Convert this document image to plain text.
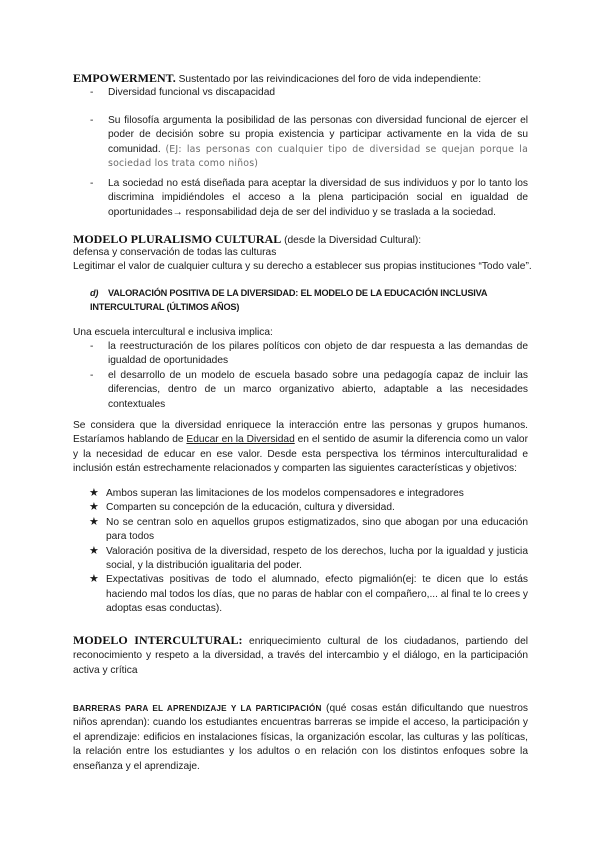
EMPOWERMENT. Sustentado por las reivindicaciones del foro de vida independiente:

- Diversidad funcional vs discapacidad
- Su filosofía argumenta la posibilidad de las personas con diversidad funcional de ejercer el poder de decisión sobre su propia existencia y participar activamente en la vida de su comunidad. (EJ: las personas con cualquier tipo de diversidad se quejan porque la sociedad los trata como niños)
- La sociedad no está diseñada para aceptar la diversidad de sus individuos y por lo tanto los discrimina impidiéndoles el acceso a la plena participación social en igualdad de oportunidades→ responsabilidad deja de ser del individuo y se traslada a la sociedad.

MODELO PLURALISMO CULTURAL (desde la Diversidad Cultural):

defensa y conservación de todas las culturas

Legitimar el valor de cualquier cultura y su derecho a establecer sus propias instituciones “Todo vale”.

d) VALORACIÓN POSITIVA DE LA DIVERSIDAD: EL MODELO DE LA EDUCACIÓN INCLUSIVA INTERCULTURAL (ÚLTIMOS AÑOS)

Una escuela intercultural e inclusiva implica:

- la reestructuración de los pilares políticos con objeto de dar respuesta a las demandas de igualdad de oportunidades
- el desarrollo de un modelo de escuela basado sobre una pedagogía capaz de incluir las diferencias, dentro de un marco organizativo abierto, adaptable a las necesidades contextuales

Se considera que la diversidad enriquece la interacción entre las personas y grupos humanos. Estaríamos hablando de Educar en la Diversidad en el sentido de asumir la diferencia como un valor y la necesidad de educar en ese valor. Desde esta perspectiva los términos interculturalidad e inclusión están estrechamente relacionados y comparten las siguientes características y objetivos:

★ Ambos superan las limitaciones de los modelos compensadores e integradores
★ Comparten su concepción de la educación, cultura y diversidad.
★ No se centran solo en aquellos grupos estigmatizados, sino que abogan por una educación para todos
★ Valoración positiva de la diversidad, respeto de los derechos, lucha por la igualdad y justicia social, y la distribución igualitaria del poder.
★ Expectativas positivas de todo el alumnado, efecto pigmalión(ej: te dicen que lo estás haciendo mal todos los días, que no paras de hablar con el compañero,... al final te lo crees y adoptas esas conductas).

MODELO INTERCULTURAL: enriquecimiento cultural de los ciudadanos, partiendo del reconocimiento y respeto a la diversidad, a través del intercambio y el diálogo, en la participación activa y crítica

BARRERAS PARA EL APRENDIZAJE Y LA PARTICIPACIÓN (qué cosas están dificultando que nuestros niños aprendan): cuando los estudiantes encuentras barreras se impide el acceso, la participación y el aprendizaje: edificios en instalaciones físicas, la organización escolar, las culturas y las políticas, la relación entre los estudiantes y los adultos o en relación con los distintos enfoques sobre la enseñanza y el aprendizaje.
